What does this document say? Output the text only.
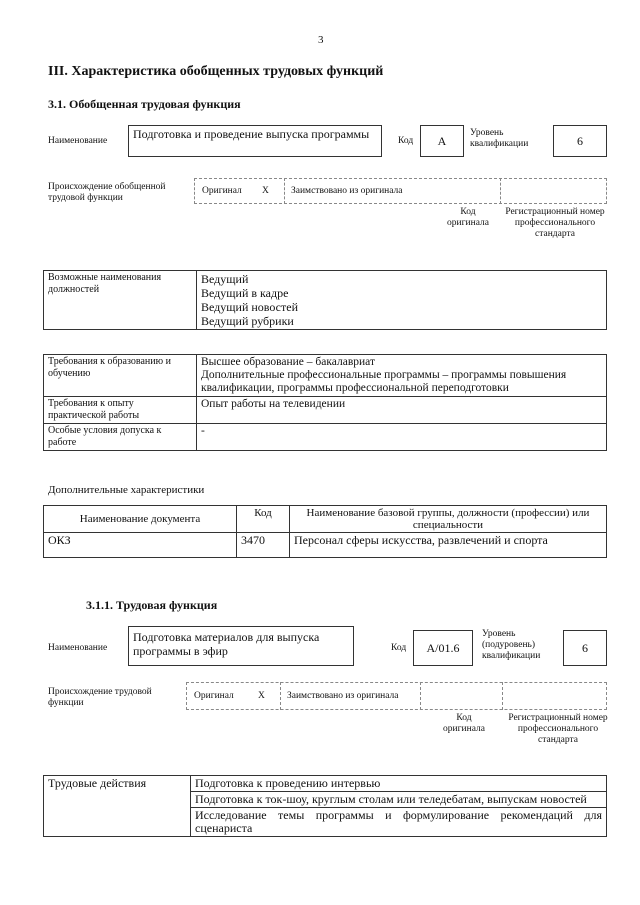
3
III. Характеристика обобщенных трудовых функций
3.1. Обобщенная трудовая функция
Наименование	Подготовка и проведение выпуска программы	Код	A
Уровень квалификации	6
Происхождение обобщенной трудовой функции
Оригинал X Заимствовано из оригинала
Код оригинала
Регистрационный номер профессионального стандарта
Возможные наименования должностей	
Ведущий
Ведущий в кадре
Ведущий новостей
Ведущий рубрики
Требования к образованию и обучению	Высшее образование – бакалавриат
Дополнительные профессиональные программы – программы повышения квалификации, программы профессиональной переподготовки

Требования к опыту практической работы	Опыт работы на телевидении

Особые условия допуска к работе	-
Дополнительные характеристики
Наименование документа	Код	Наименование базовой группы, должности (профессии) или специальности
ОКЗ	3470	Персонал сферы искусства, развлечений и спорта
3.1.1. Трудовая функция
Наименование
Подготовка материалов для выпуска программы в эфир	Код	A/01.6
Уровень (подуровень) квалификации
6
Происхождение трудовой функции
Оригинал	X Заимствовано из оригинала
Код оригинала
Регистрационный номер профессионального стандарта
Трудовые действия	Подготовка к проведению интервью
Подготовка к ток-шоу, круглым столам или теледебатам, выпускам новостей
Исследование темы программы и формулирование рекомендаций для сценариста
